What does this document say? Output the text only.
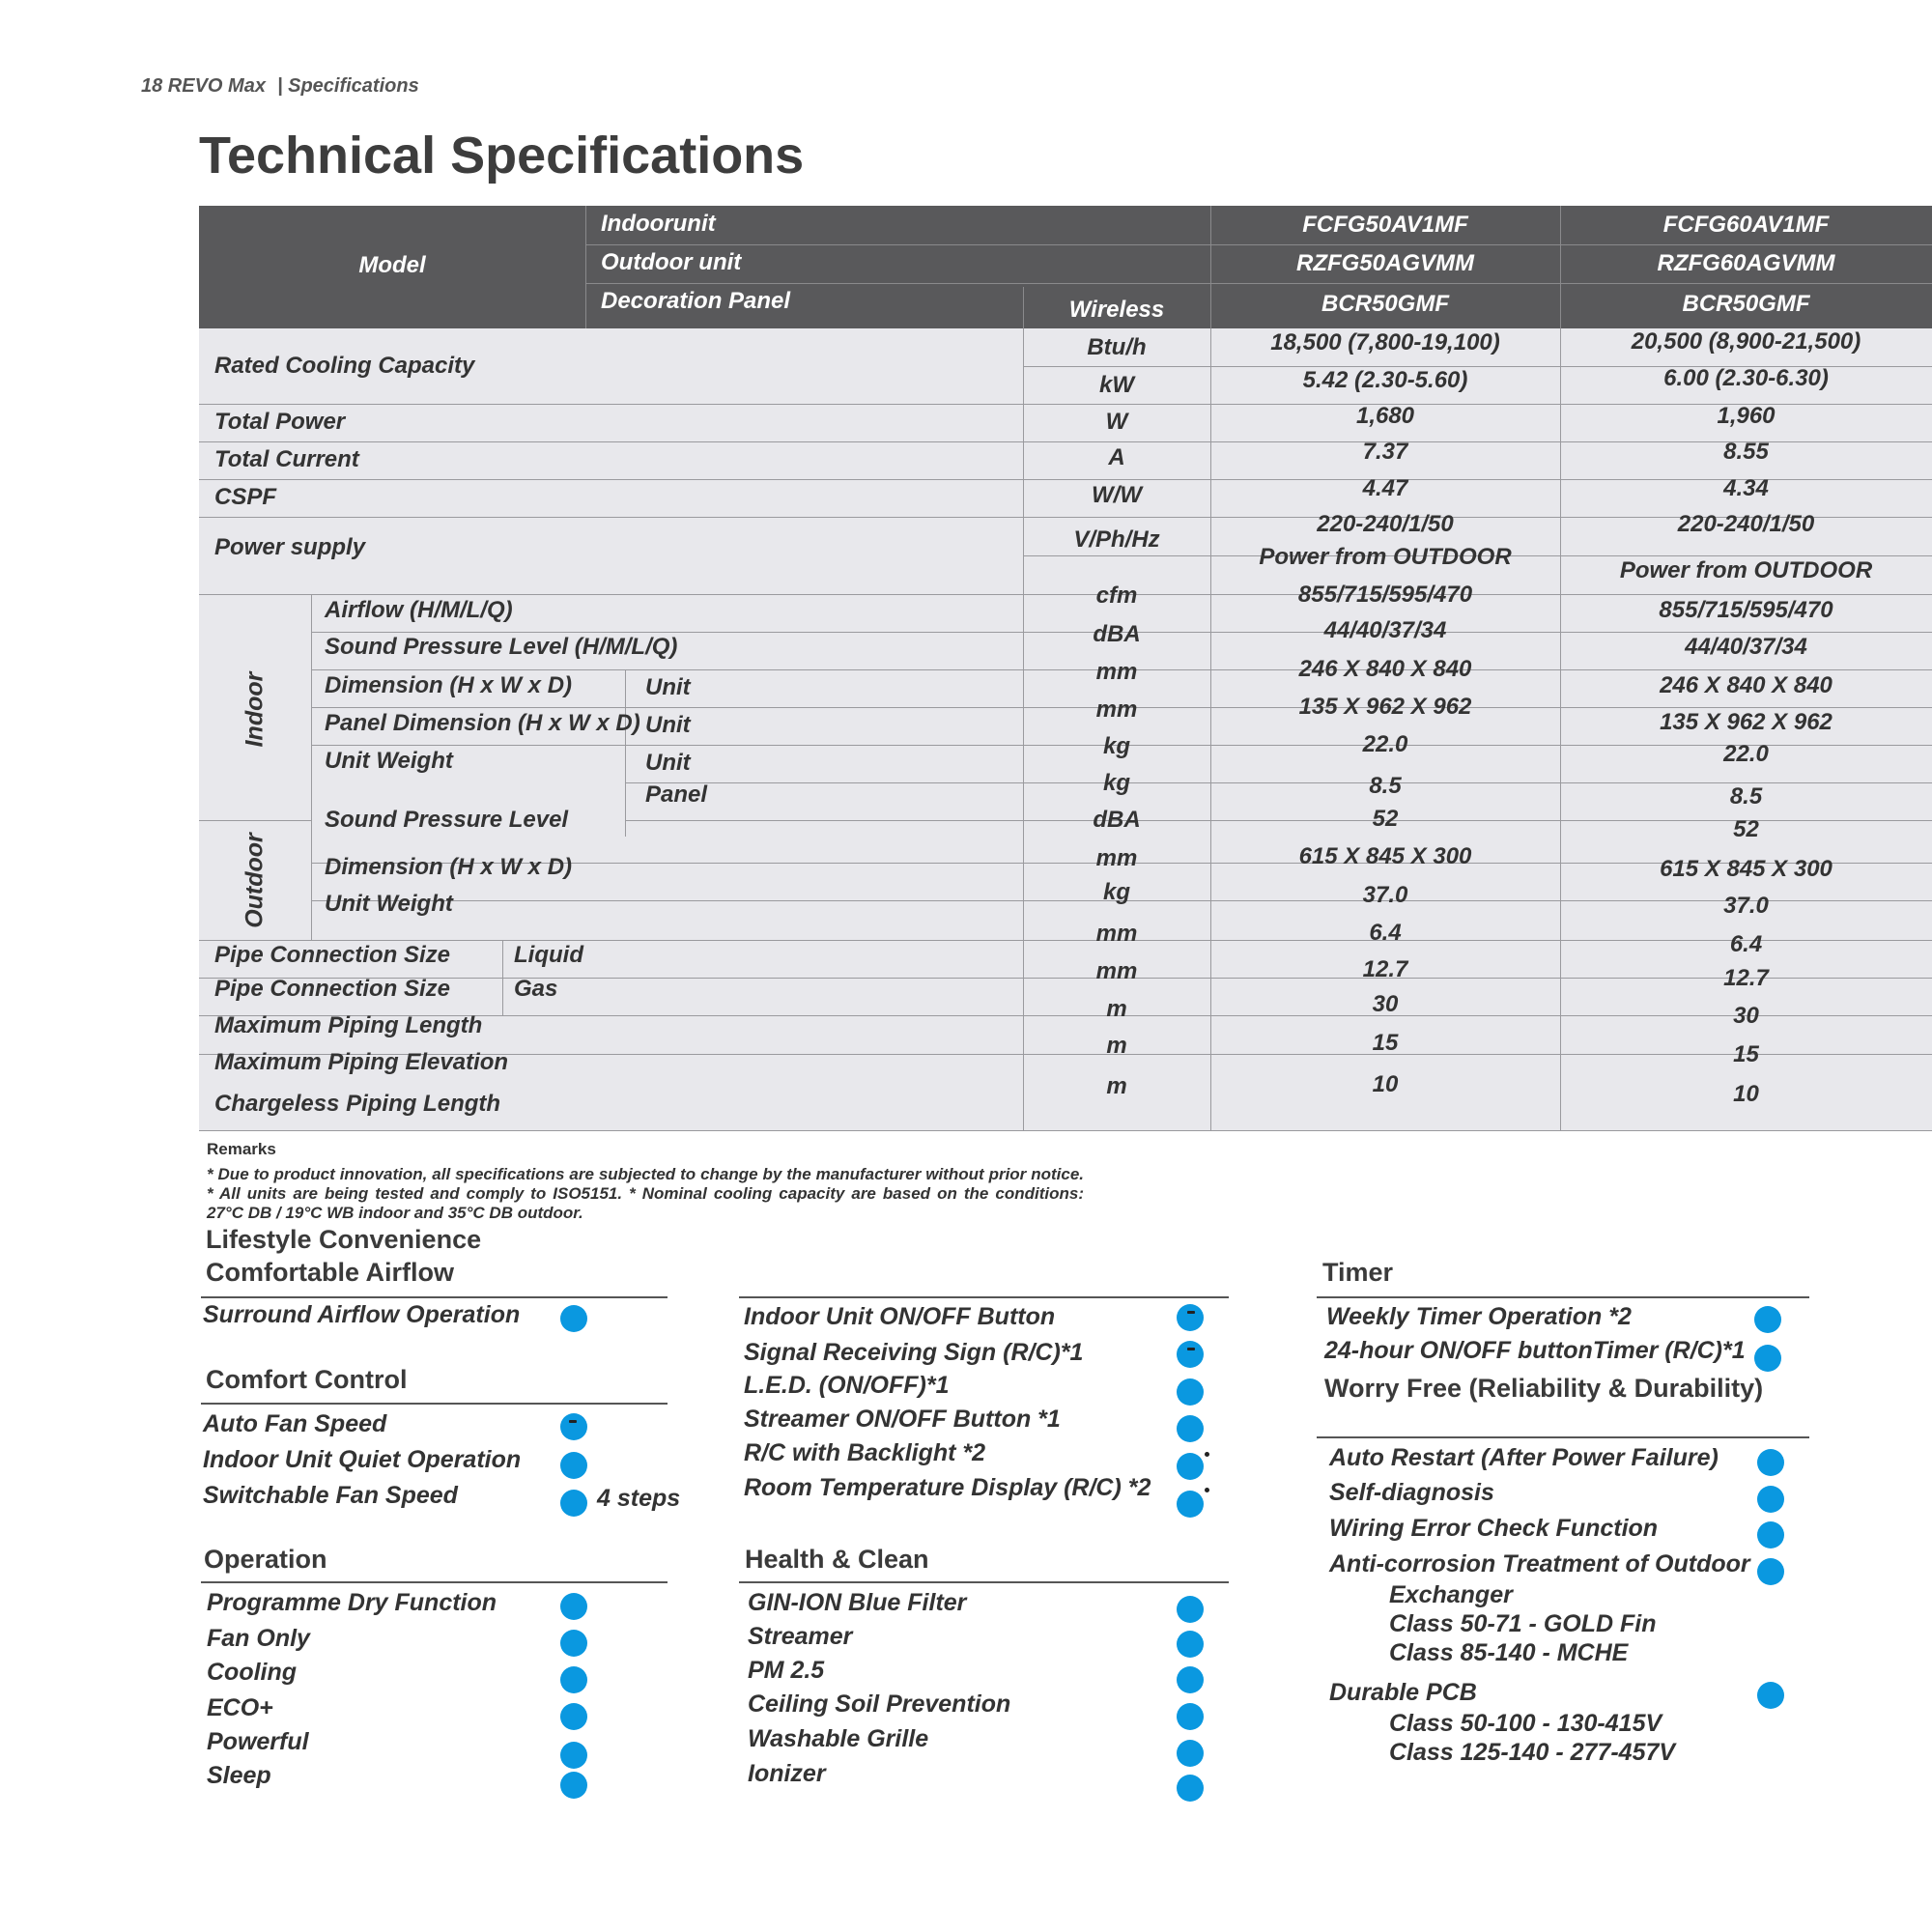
18 REVO Max | Specifications
Technical Specifications
Model
Indoorunit
Outdoor unit
Decoration Panel	Wireless
FCFG50AV1MF
RZFG50AGVMM
BCR50GMF
FCFG60AV1MF
RZFG60AGVMM
BCR50GMF
Indoor
Outdoor
Rated Cooling Capacity
Total Power
Total Current
CSPF
Power supply
Airflow (H/M/L/Q)
Sound Pressure Level (H/M/L/Q)
Dimension (H x W x D)
Panel Dimension (H x W x D)
Unit Weight
Sound Pressure Level
Dimension (H x W x D)
Unit Weight
Pipe Connection Size
Pipe Connection Size
Maximum Piping Length
Maximum Piping Elevation
Chargeless Piping Length
Unit
Unit
Unit
Panel
Liquid
Gas
Btu/h
kW
W
A
W/W
V/Ph/Hz
cfm
dBA
mm
mm
kg
kg
dBA
mm
kg
mm
mm
m
m
m
18,500 (7,800-19,100)
5.42 (2.30-5.60)
1,680
7.37
4.47
220-240/1/50
Power from OUTDOOR
855/715/595/470
44/40/37/34
246 X 840 X 840
135 X 962 X 962
22.0
8.5
52
615 X 845 X 300
37.0
6.4
12.7
30
15
10
20,500 (8,900-21,500)
6.00 (2.30-6.30)
1,960
8.55
4.34
220-240/1/50
Power from OUTDOOR
855/715/595/470
44/40/37/34
246 X 840 X 840
135 X 962 X 962
22.0
8.5
52
615 X 845 X 300
37.0
6.4
12.7
30
15
10
Remarks
* Due to product innovation, all specifications are subjected to change by the manufacturer without prior notice. * All units are being tested and comply to ISO5151. * Nominal cooling capacity are based on the conditions: 27°C DB / 19°C WB indoor and 35°C DB outdoor.
Lifestyle Convenience
Comfortable Airflow
Surround Airflow Operation
Comfort Control
Auto Fan Speed
Indoor Unit Quiet Operation
Switchable Fan Speed	4 steps
Operation
Programme Dry Function
Fan Only
Cooling
ECO+
Powerful
Sleep
Indoor Unit ON/OFF Button
Signal Receiving Sign (R/C)*1
L.E.D. (ON/OFF)*1
Streamer ON/OFF Button *1
R/C with Backlight *2
Room Temperature Display (R/C) *2
Health & Clean
GIN-ION Blue Filter
Streamer
PM 2.5
Ceiling Soil Prevention
Washable Grille
Ionizer
Timer
Weekly Timer Operation *2
24-hour ON/OFF buttonTimer (R/C)*1
Worry Free (Reliability & Durability)
Auto Restart (After Power Failure)
Self-diagnosis
Wiring Error Check Function
Anti-corrosion Treatment of Outdoor
Exchanger
Class 50-71 - GOLD Fin
Class 85-140 - MCHE
Durable PCB
Class 50-100 - 130-415V
Class 125-140 - 277-457V
